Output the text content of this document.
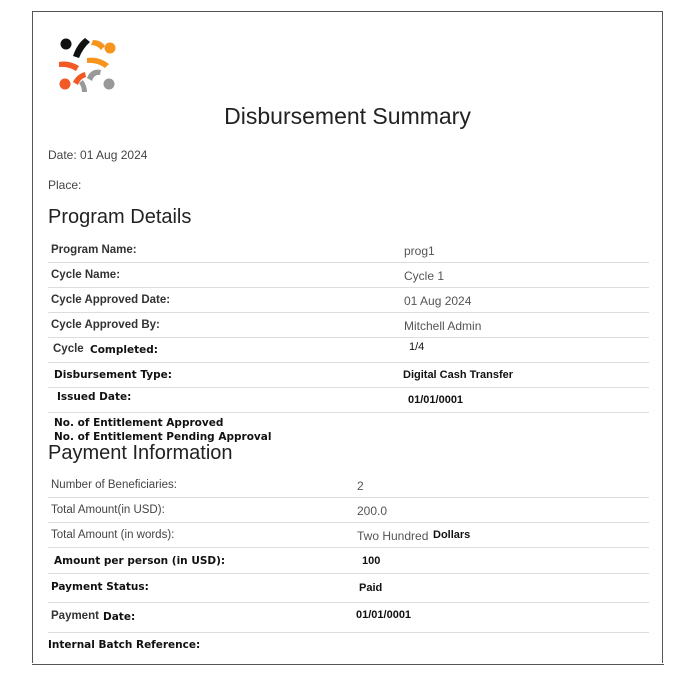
Disbursement Summary
Date: 01 Aug 2024
Place:
Program Details
Program Name:	prog1
Cycle Name:	Cycle 1
Cycle Approved Date:	01 Aug 2024
Cycle Approved By:	Mitchell Admin
Cycle Completed:	1/4
Disbursement Type:	Digital Cash Transfer
Issued Date:	01/01/0001
No. of Entitlement Approved
No. of Entitlement Pending Approval
Payment Information
Number of Beneficiaries:	2
Total Amount(in USD):	200.0
Total Amount (in words):	Two Hundred Dollars
Amount per person (in USD):	100
Payment Status:	Paid
Payment Date:	01/01/0001
Internal Batch Reference:
